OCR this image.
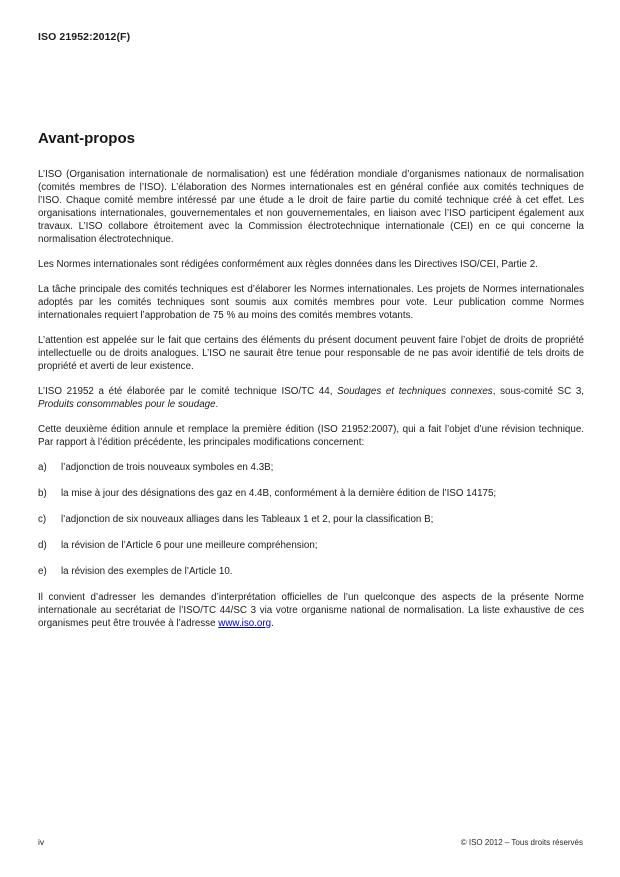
ISO 21952:2012(F)
Avant-propos

L’ISO (Organisation internationale de normalisation) est une fédération mondiale d’organismes nationaux de normalisation (comités membres de l’ISO). L’élaboration des Normes internationales est en général confiée aux comités techniques de l’ISO. Chaque comité membre intéressé par une étude a le droit de faire partie du comité technique créé à cet effet. Les organisations internationales, gouvernementales et non gouvernementales, en liaison avec l’ISO participent également aux travaux. L’ISO collabore étroitement avec la Commission électrotechnique internationale (CEI) en ce qui concerne la normalisation électrotechnique.

Les Normes internationales sont rédigées conformément aux règles données dans les Directives ISO/CEI, Partie 2.

La tâche principale des comités techniques est d’élaborer les Normes internationales. Les projets de Normes internationales adoptés par les comités techniques sont soumis aux comités membres pour vote. Leur publication comme Normes internationales requiert l’approbation de 75 % au moins des comités membres votants.

L’attention est appelée sur le fait que certains des éléments du présent document peuvent faire l’objet de droits de propriété intellectuelle ou de droits analogues. L’ISO ne saurait être tenue pour responsable de ne pas avoir identifié de tels droits de propriété et averti de leur existence.

L’ISO 21952 a été élaborée par le comité technique ISO/TC 44, Soudages et techniques connexes, sous-comité SC 3, Produits consommables pour le soudage.

Cette deuxième édition annule et remplace la première édition (ISO 21952:2007), qui a fait l’objet d’une révision technique. Par rapport à l’édition précédente, les principales modifications concernent:

a)	l’adjonction de trois nouveaux symboles en 4.3B;
b)	la mise à jour des désignations des gaz en 4.4B, conformément à la dernière édition de l’ISO 14175;
c)	l’adjonction de six nouveaux alliages dans les Tableaux 1 et 2, pour la classification B;
d)	la révision de l’Article 6 pour une meilleure compréhension;
e)	la révision des exemples de l’Article 10.

Il convient d’adresser les demandes d’interprétation officielles de l’un quelconque des aspects de la présente Norme internationale au secrétariat de l’ISO/TC 44/SC 3 via votre organisme national de normalisation. La liste exhaustive de ces organismes peut être trouvée à l’adresse www.iso.org.

iv	© ISO 2012 – Tous droits réservés
